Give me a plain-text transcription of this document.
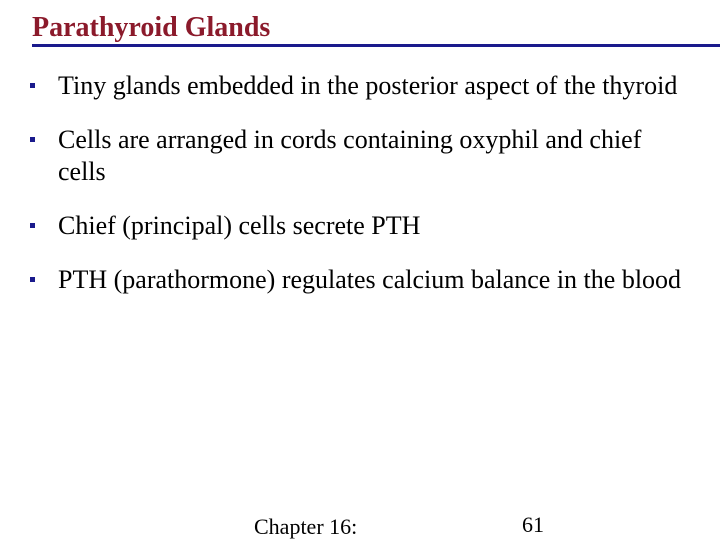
Parathyroid Glands
Tiny glands embedded in the posterior aspect of the thyroid
Cells are arranged in cords containing oxyphil and chief cells
Chief (principal) cells secrete PTH
PTH (parathormone) regulates calcium balance in the blood
Chapter 16:	61
